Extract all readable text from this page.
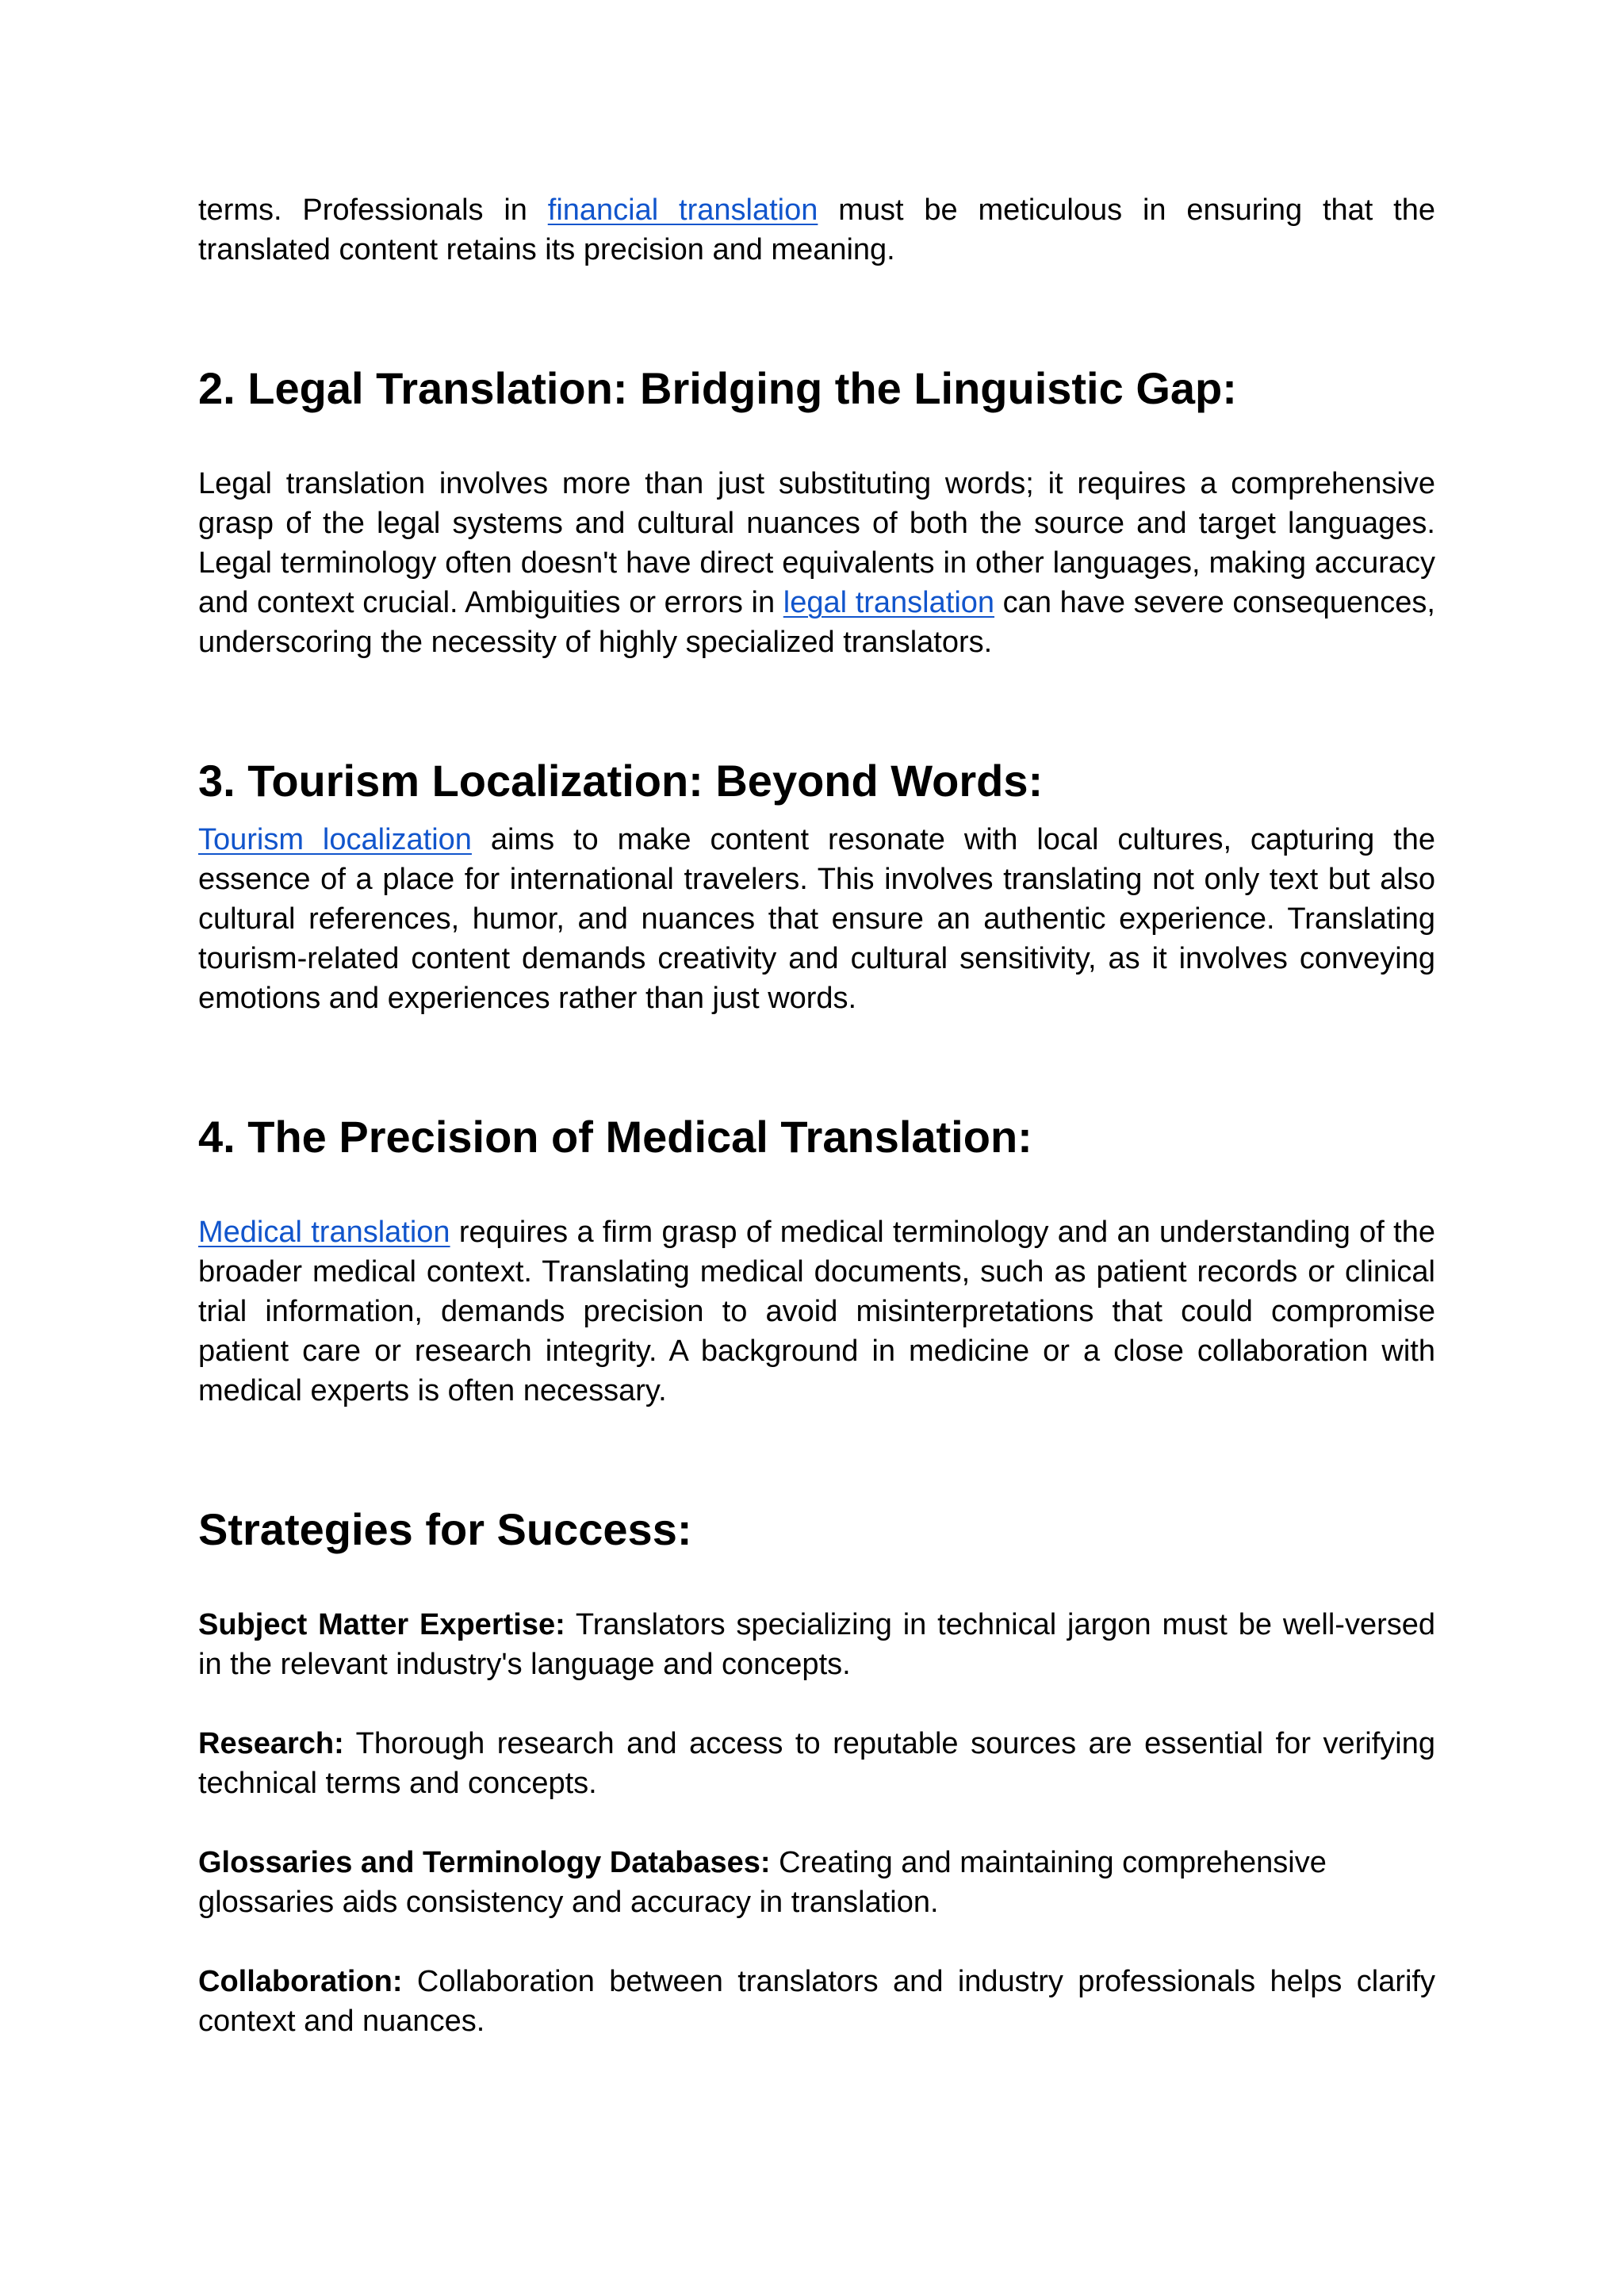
terms. Professionals in financial translation must be meticulous in ensuring that the translated content retains its precision and meaning.

2. Legal Translation: Bridging the Linguistic Gap:

Legal translation involves more than just substituting words; it requires a comprehensive grasp of the legal systems and cultural nuances of both the source and target languages. Legal terminology often doesn't have direct equivalents in other languages, making accuracy and context crucial. Ambiguities or errors in legal translation can have severe consequences, underscoring the necessity of highly specialized translators.

3. Tourism Localization: Beyond Words:

Tourism localization aims to make content resonate with local cultures, capturing the essence of a place for international travelers. This involves translating not only text but also cultural references, humor, and nuances that ensure an authentic experience. Translating tourism-related content demands creativity and cultural sensitivity, as it involves conveying emotions and experiences rather than just words.

4. The Precision of Medical Translation:

Medical translation requires a firm grasp of medical terminology and an understanding of the broader medical context. Translating medical documents, such as patient records or clinical trial information, demands precision to avoid misinterpretations that could compromise patient care or research integrity. A background in medicine or a close collaboration with medical experts is often necessary.

Strategies for Success:

Subject Matter Expertise: Translators specializing in technical jargon must be well-versed in the relevant industry's language and concepts.

Research: Thorough research and access to reputable sources are essential for verifying technical terms and concepts.

Glossaries and Terminology Databases: Creating and maintaining comprehensive glossaries aids consistency and accuracy in translation.

Collaboration: Collaboration between translators and industry professionals helps clarify context and nuances.
